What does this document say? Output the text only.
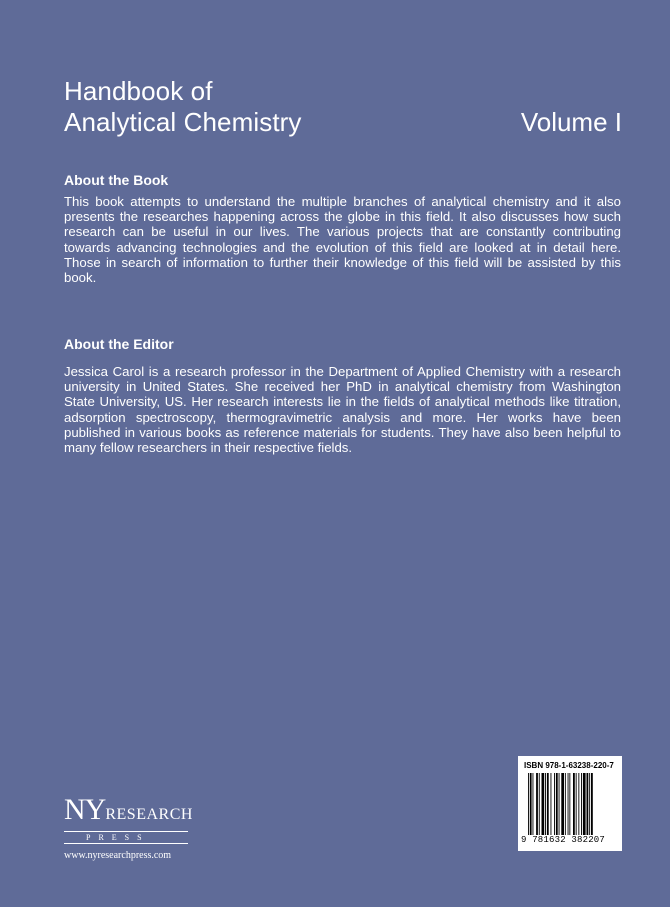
Handbook of
Analytical Chemistry	Volume I
About the Book
This book attempts to understand the multiple branches of analytical chemistry and it also presents the researches happening across the globe in this field. It also discusses how such research can be useful in our lives. The various projects that are constantly contributing towards advancing technologies and the evolution of this field are looked at in detail here. Those in search of information to further their knowledge of this field will be assisted by this book.
About the Editor
Jessica Carol is a research professor in the Department of Applied Chemistry with a research university in United States. She received her PhD in analytical chemistry from Washington State University, US. Her research interests lie in the fields of analytical methods like titration, adsorption spectroscopy, thermogravimetric analysis and more. Her works have been published in various books as reference materials for students. They have also been helpful to many fellow researchers in their respective fields.
NY RESEARCH
PRESS
www.nyresearchpress.com
ISBN 978-1-63238-220-7
9 781632 382207
